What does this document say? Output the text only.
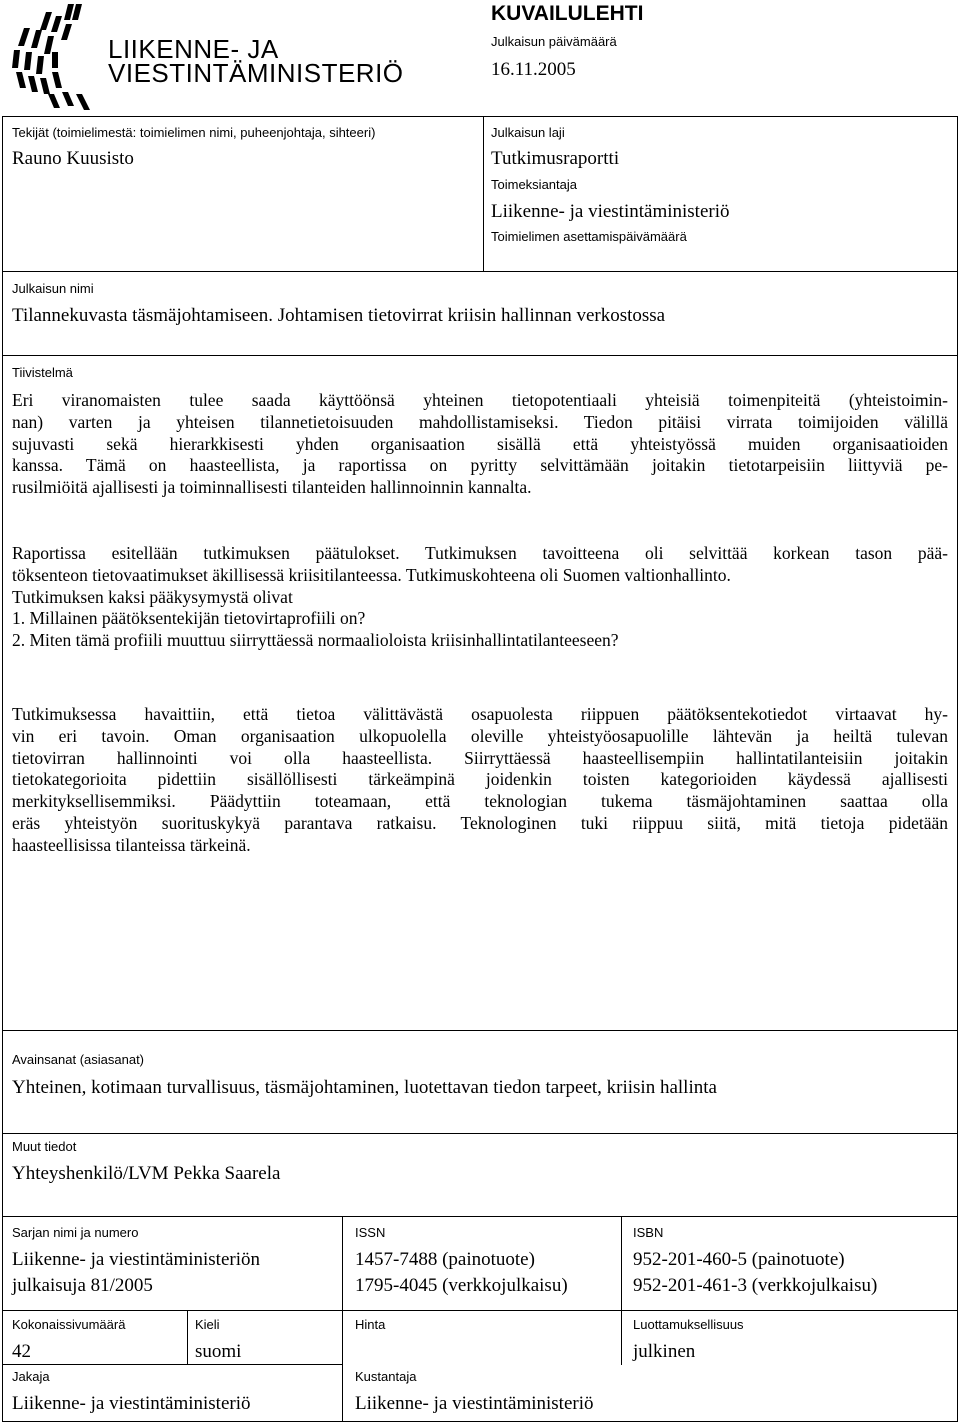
LIIKENNE- JA
VIESTINTÄMINISTERIÖ
KUVAILULEHTI
Julkaisun päivämäärä
16.11.2005
Tekijät (toimielimestä: toimielimen nimi, puheenjohtaja, sihteeri)
Rauno Kuusisto
Julkaisun laji
Tutkimusraportti
Toimeksiantaja
Liikenne- ja viestintäministeriö
Toimielimen asettamispäivämäärä
Julkaisun nimi
Tilannekuvasta täsmäjohtamiseen. Johtamisen tietovirrat kriisin hallinnan verkostossa
Tiivistelmä
Eri viranomaisten tulee saada käyttöönsä yhteinen tietopotentiaali yhteisiä toimenpiteitä (yhteistoimin-
nan) varten ja yhteisen tilannetietoisuuden mahdollistamiseksi. Tiedon pitäisi virrata toimijoiden välillä
sujuvasti sekä hierarkkisesti yhden organisaation sisällä että yhteistyössä muiden organisaatioiden
kanssa. Tämä on haasteellista, ja raportissa on pyritty selvittämään joitakin tietotarpeisiin liittyviä pe-
rusilmiöitä ajallisesti ja toiminnallisesti tilanteiden hallinnoinnin kannalta.
Raportissa esitellään tutkimuksen päätulokset. Tutkimuksen tavoitteena oli selvittää korkean tason pää-
töksenteon tietovaatimukset äkillisessä kriisitilanteessa. Tutkimuskohteena oli Suomen valtionhallinto.
Tutkimuksen kaksi pääkysymystä olivat
1. Millainen päätöksentekijän tietovirtaprofiili on?
2. Miten tämä profiili muuttuu siirryttäessä normaalioloista kriisinhallintatilanteeseen?
Tutkimuksessa havaittiin, että tietoa välittävästä osapuolesta riippuen päätöksentekotiedot virtaavat hy-
vin eri tavoin. Oman organisaation ulkopuolella oleville yhteistyöosapuolille lähtevän ja heiltä tulevan
tietovirran hallinnointi voi olla haasteellista. Siirryttäessä haasteellisempiin hallintatilanteisiin joitakin
tietokategorioita pidettiin sisällöllisesti tärkeämpinä joidenkin toisten kategorioiden käydessä ajallisesti
merkityksellisemmiksi. Päädyttiin toteamaan, että teknologian tukema täsmäjohtaminen saattaa olla
eräs yhteistyön suorituskykyä parantava ratkaisu. Teknologinen tuki riippuu siitä, mitä tietoja pidetään
haasteellisissa tilanteissa tärkeinä.
Avainsanat (asiasanat)
Yhteinen, kotimaan turvallisuus, täsmäjohtaminen, luotettavan tiedon tarpeet, kriisin hallinta
Muut tiedot
Yhteyshenkilö/LVM Pekka Saarela
Sarjan nimi ja numero
Liikenne- ja viestintäministeriön
julkaisuja 81/2005
ISSN
1457-7488 (painotuote)
1795-4045 (verkkojulkaisu)
ISBN
952-201-460-5 (painotuote)
952-201-461-3 (verkkojulkaisu)
Kokonaissivumäärä
42
Kieli
suomi
Hinta	Luottamuksellisuus
julkinen
Jakaja
Liikenne- ja viestintäministeriö
Kustantaja
Liikenne- ja viestintäministeriö
